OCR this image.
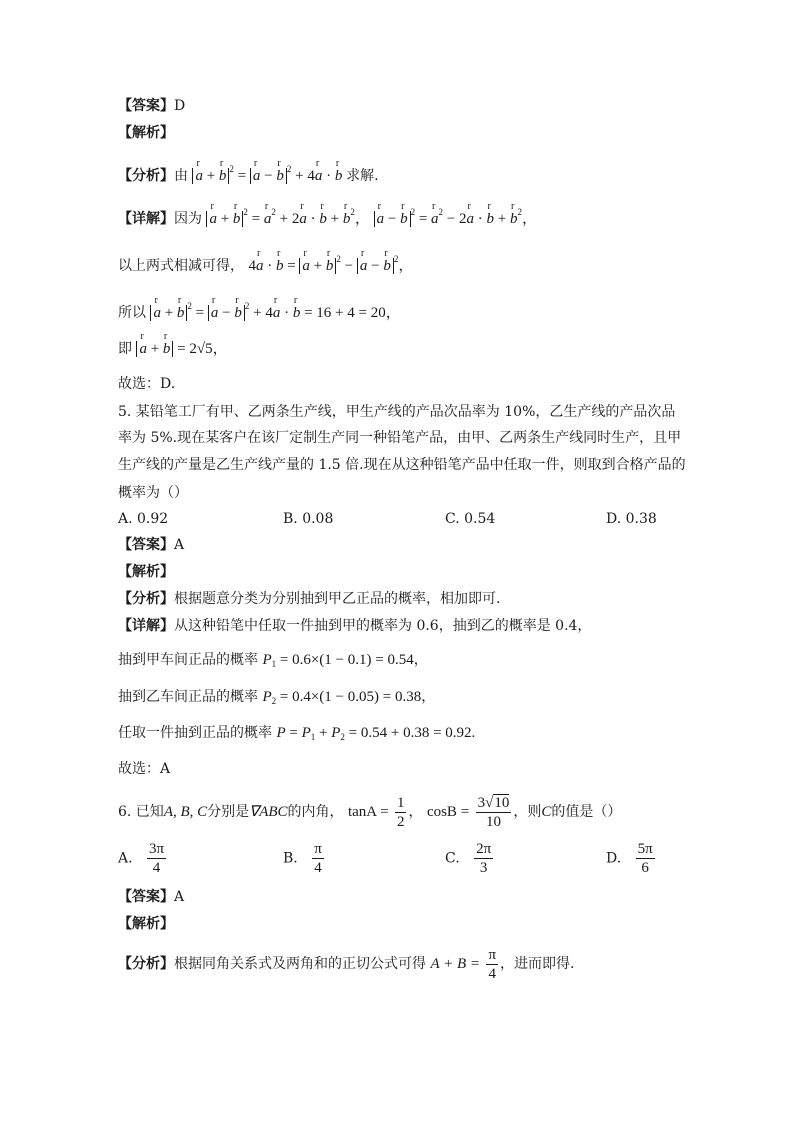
【答案】D
【解析】
【分析】由 r a + r b $^2$ = r a − r b $^2$ + 4r a · r b 求解.
【详解】因为 r a + r b $^2$ = r $a^2 + 2r$ a · r b + r $b^2$， r a − r b $^2$ = r $a^2 - 2r$ a · r b + r $b^2$，
以上两式相减可得， 4r a · r b = r a + r b $^2$ − r a − r b $^2$，
所以 r a + r b $^2$ = r a − r b $^2$ + 4r a · r b = 16 + 4 = 20，
即 r a + r b = 2√5，
故选：D.
5. 某铅笔工厂有甲、乙两条生产线，甲生产线的产品次品率为 10%，乙生产线的产品次品
率为 5%.现在某客户在该厂定制生产同一种铅笔产品，由甲、乙两条生产线同时生产，且甲
生产线的产量是乙生产线产量的 1.5 倍.现在从这种铅笔产品中任取一件，则取到合格产品的
概率为（）
A. 0.92	B. 0.08	C. 0.54	D. 0.38
【答案】A
【解析】
【分析】根据题意分类为分别抽到甲乙正品的概率，相加即可.
【详解】从这种铅笔中任取一件抽到甲的概率为 0.6，抽到乙的概率是 0.4，
抽到甲车间正品的概率 $P_1 = 0.6\times(1 - 0.1) = 0.54$，
抽到乙车间正品的概率 $P_2 = 0.4\times(1 - 0.05) = 0.38$，
任取一件抽到正品的概率 $P = P_1 + P_2 = 0.54 + 0.38 = 0.92$.
故选：A
6. 已知A, B, C分别是∇ABC的内角， $\tan A = \frac{1}{2}$ ， $\cos B = \frac{3√10}{10}$ ，则C的值是（）
A. $\frac{3\pi}{4}$	B. $\frac{\pi}{4}$	C. $\frac{2\pi}{3}$	D. $\frac{5\pi}{6}$
【答案】A
【解析】
【分析】根据同角关系式及两角和的正切公式可得 $A + B = \frac{\pi}{4}$ ，进而即得.
